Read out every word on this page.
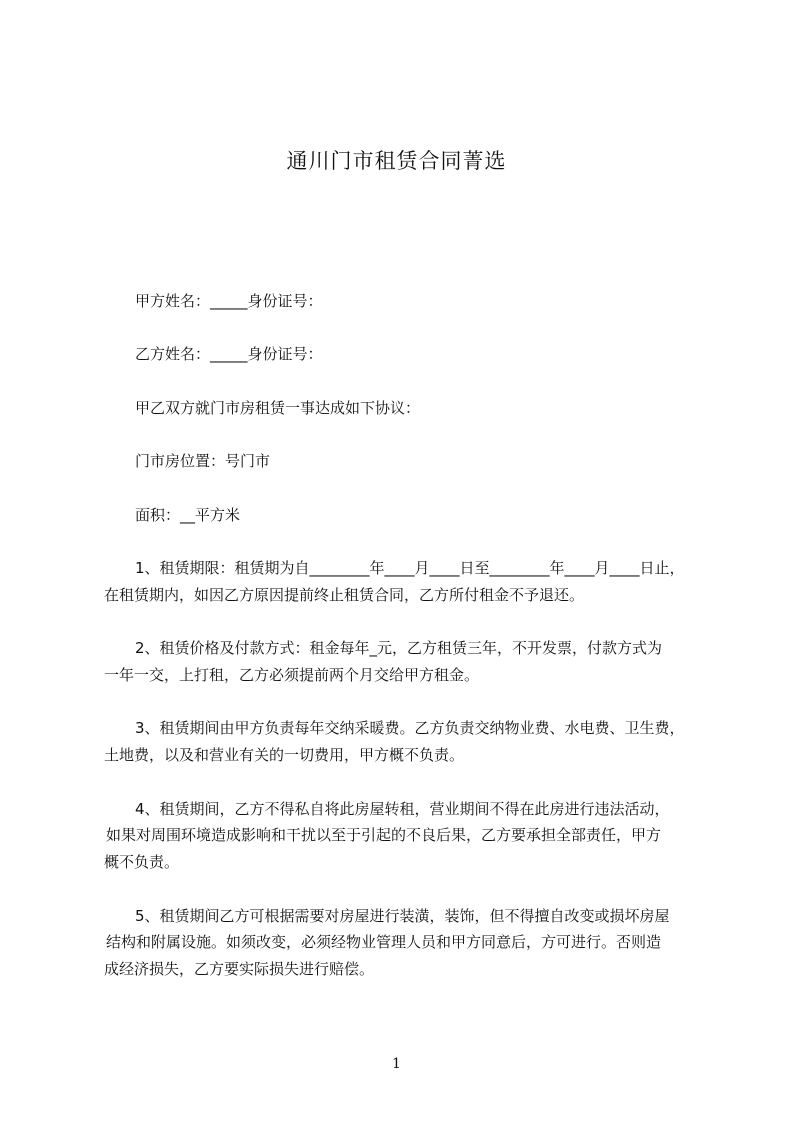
通川门市租赁合同菁选
甲方姓名：_____身份证号：
乙方姓名：_____身份证号：
甲乙双方就门市房租赁一事达成如下协议：
门市房位置：号门市
面积：__平方米
1、租赁期限：租赁期为自________年____月____日至________年____月____日止，
在租赁期内，如因乙方原因提前终止租赁合同，乙方所付租金不予退还。
2、租赁价格及付款方式：租金每年_元，乙方租赁三年，不开发票，付款方式为
一年一交，上打租，乙方必须提前两个月交给甲方租金。
3、租赁期间由甲方负责每年交纳采暖费。乙方负责交纳物业费、水电费、卫生费，
土地费，以及和营业有关的一切费用，甲方概不负责。
4、租赁期间，乙方不得私自将此房屋转租，营业期间不得在此房进行违法活动，
如果对周围环境造成影响和干扰以至于引起的不良后果，乙方要承担全部责任，甲方
概不负责。
5、租赁期间乙方可根据需要对房屋进行装潢，装饰，但不得擅自改变或损坏房屋
结构和附属设施。如须改变，必须经物业管理人员和甲方同意后，方可进行。否则造
成经济损失，乙方要实际损失进行赔偿。
1
